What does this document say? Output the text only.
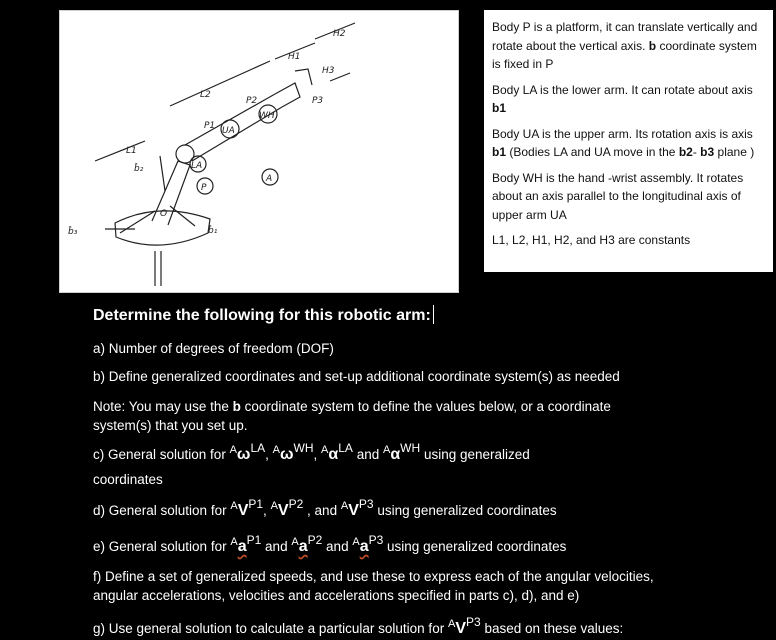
L1
L2
H1
H2
H3
P1
P2	P3
UA
WH
LA
P
A
O
b̂₁
b̂₂
b̂₃

Body P is a platform, it can translate vertically and rotate about the vertical axis. b coordinate system is fixed in P

Body LA is the lower arm. It can rotate about axis b1

Body UA is the upper arm. Its rotation axis is axis b1 (Bodies LA and UA move in the b2- b3 plane )

Body WH is the hand -wrist assembly. It rotates about an axis parallel to the longitudinal axis of upper arm UA

L1, L2, H1, H2, and H3 are constants

Determine the following for this robotic arm:
a) Number of degrees of freedom (DOF)
b) Define generalized coordinates and set-up additional coordinate system(s) as needed
Note: You may use the b coordinate system to define the values below, or a coordinate
system(s) that you set up.
c) General solution for $^A$ωLA, $^A$ωWH, $^A$αLA and $^A$αWH using generalized
coordinates
d) General solution for $^A$VP1, $^A$VP2 , and $^A$VP3 using generalized coordinates
e) General solution for $^A$aP1 and $^A$aP2 and $^A$aP3 using generalized coordinates
f) Define a set of generalized speeds, and use these to express each of the angular velocities,
angular accelerations, velocities and accelerations specified in parts c), d), and e)
g) Use general solution to calculate a particular solution for $^A$VP3 based on these values:
